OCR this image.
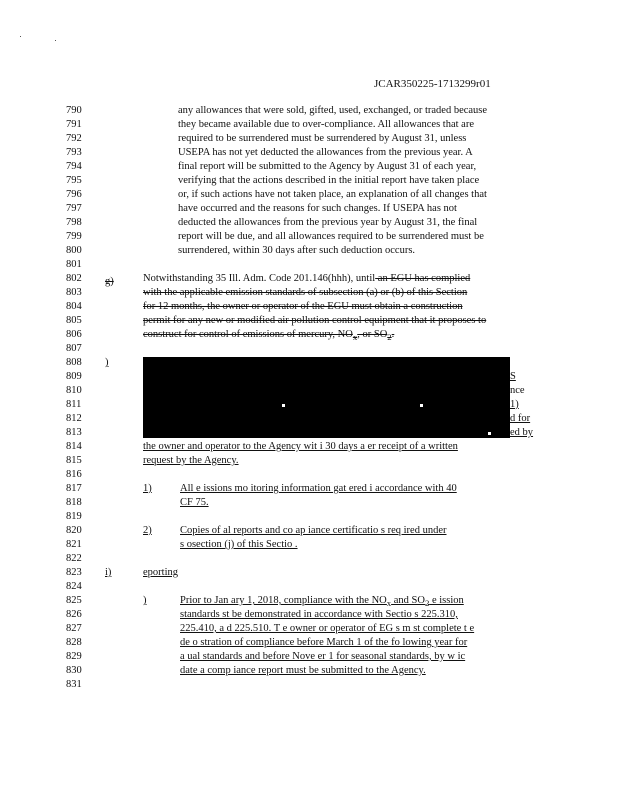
JCAR350225-1713299r01
790
791
792
793
794
795
796
797
798
799
800
801
802
803
804
805
806
807
808
809
810
811
812
813
814
815
816
817
818
819
820
821
822
823
824
825
826
827
828
829
830
831
any allowances that were sold, gifted, used, exchanged, or traded because
they became available due to over-compliance. All allowances that are
required to be surrendered must be surrendered by August 31, unless
USEPA has not yet deducted the allowances from the previous year. A
final report will be submitted to the Agency by August 31 of each year,
verifying that the actions described in the initial report have taken place
or, if such actions have not taken place, an explanation of all changes that
have occurred and the reasons for such changes. If USEPA has not
deducted the allowances from the previous year by August 31, the final
report will be due, and all allowances required to be surrendered must be
surrendered, within 30 days after such deduction occurs.
g)	Notwithstanding 35 Ill. Adm. Code 201.146(hhh), until an EGU has complied
with the applicable emission standards of subsection (a) or (b) of this Section
for 12 months, the owner or operator of the EGU must obtain a construction
permit for any new or modified air pollution control equipment that it proposes to
construct for control of emissions of mercury, $NO_x$, or $SO_2$.
)
S
nce
1)
d for
ed by
the owner and operator to the Agency wit i 30 days a er receipt of a written
request by the Agency.
1)	All e issions mo itoring information gat ered i accordance with 40
CF 75.
2)	Copies of al reports and co ap iance certificatio s req ired under
s osection (j) of this Sectio .
i)	eporting
)	Prior to Jan ary 1, 2018, compliance with the $NO_x$ and $SO_2$ e ission
standards st be demonstrated in accordance with Sectio s 225.310,
225.410, a d 225.510. T e owner or operator of EG s m st complete t e
de o stration of compliance before March 1 of the fo lowing year for
a ual standards and before Nove er 1 for seasonal standards, by w ic
date a comp iance report must be submitted to the Agency.
